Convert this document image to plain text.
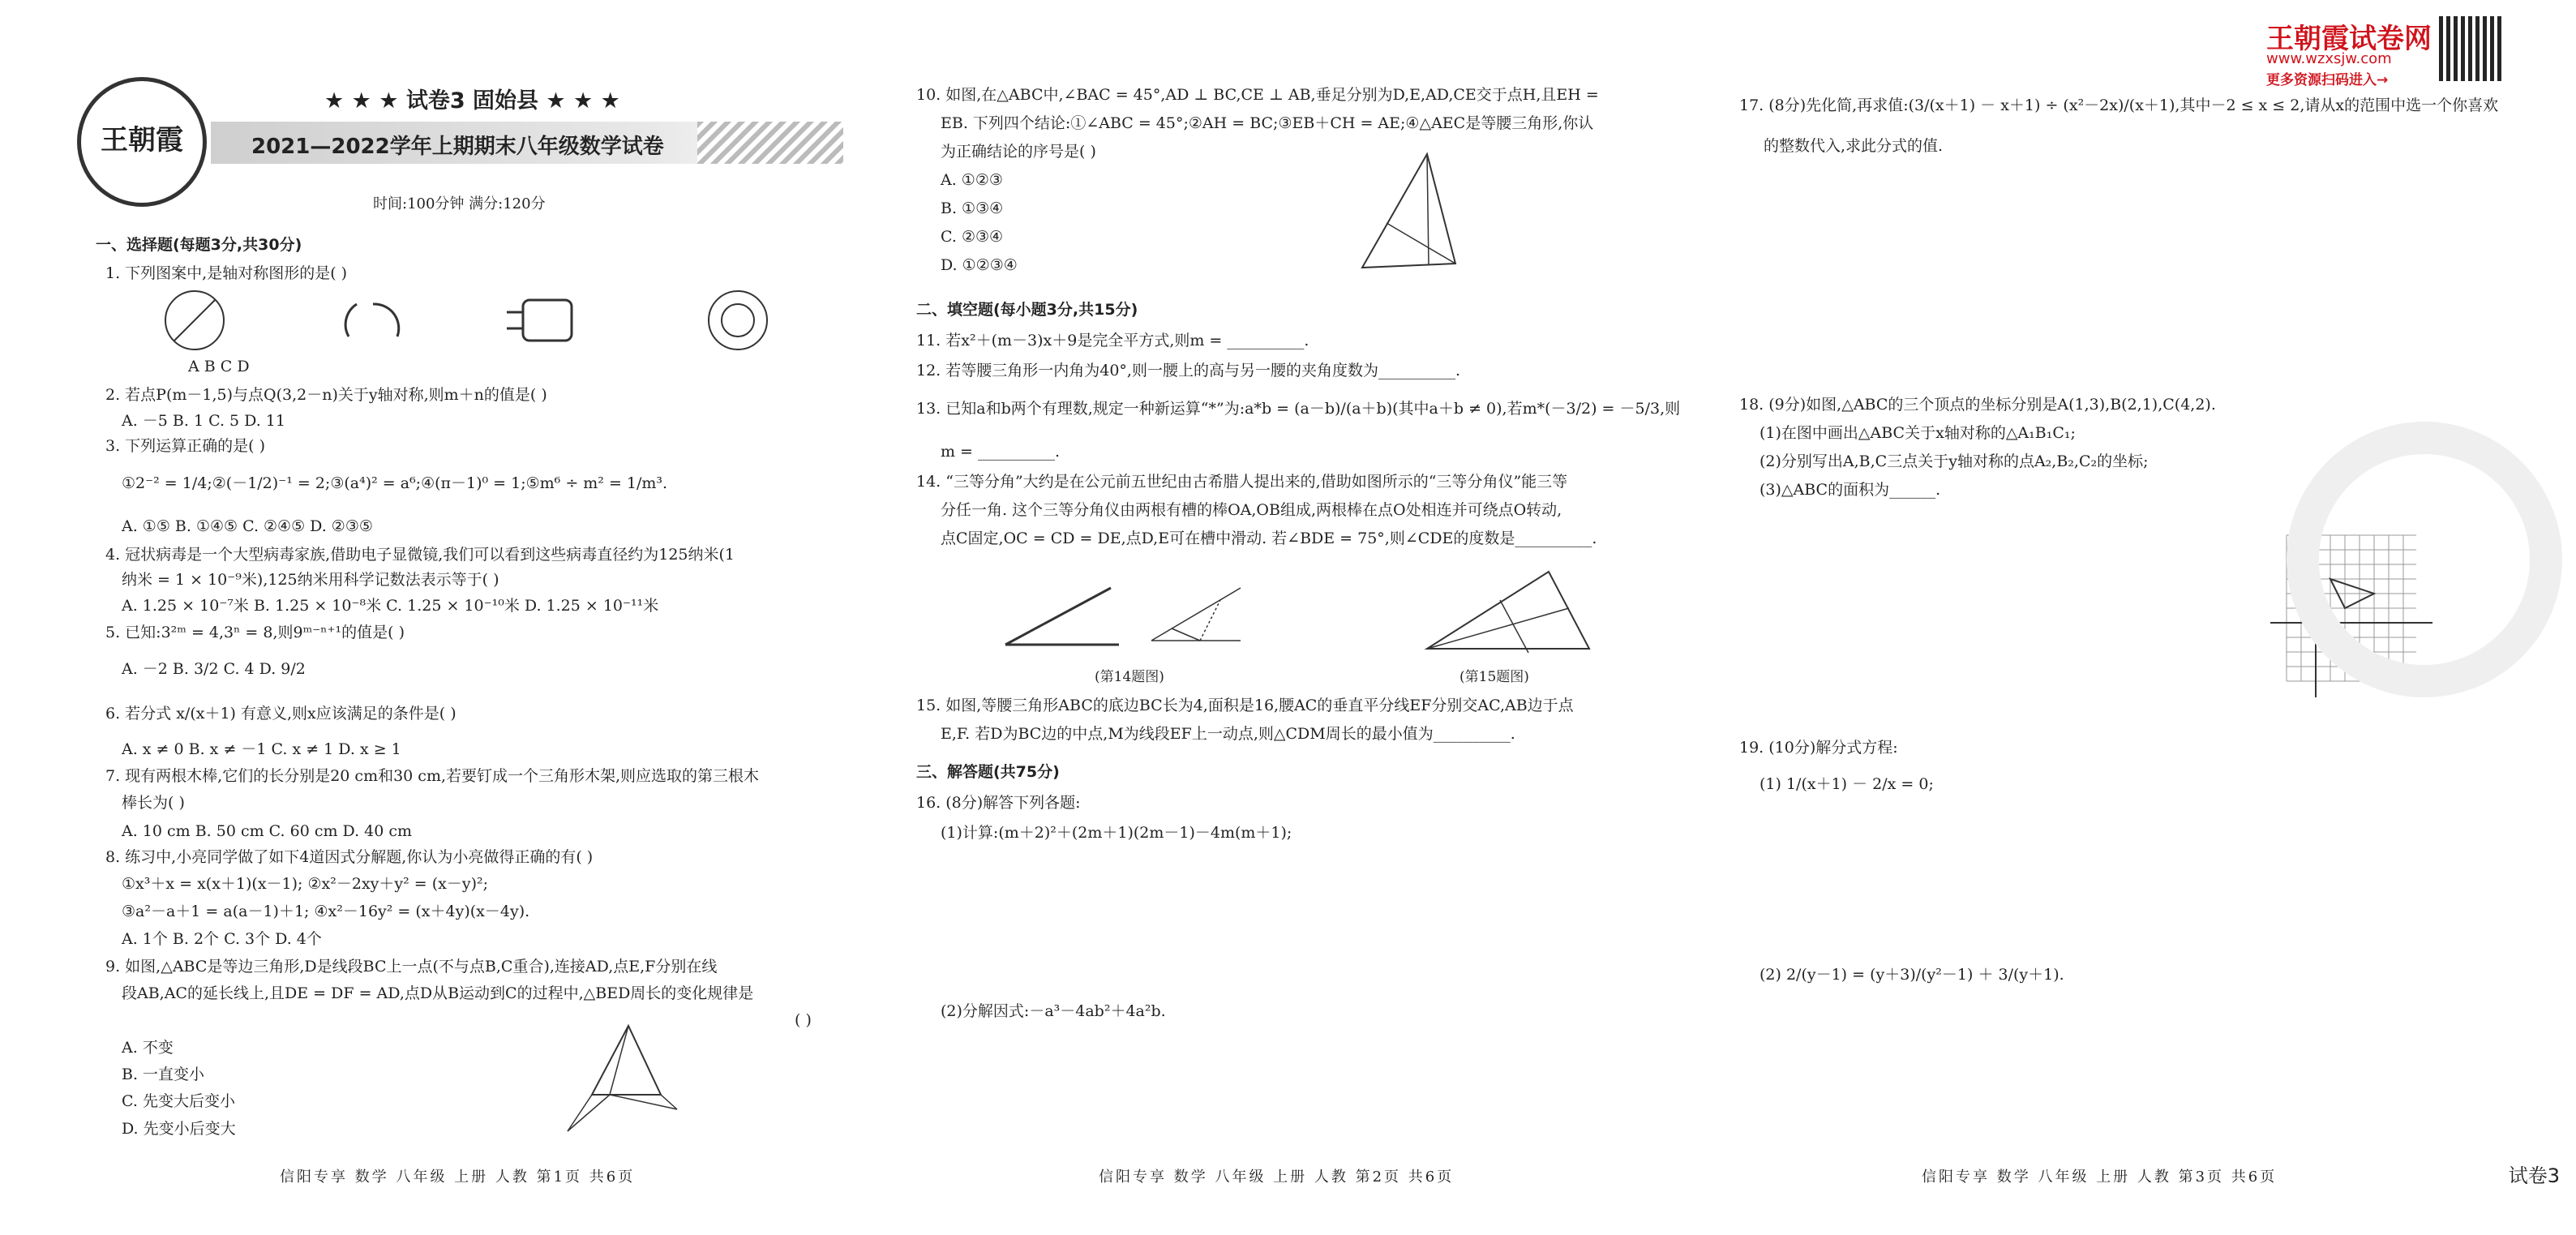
王朝霞
★ ★ ★ 试卷3 固始县 ★ ★ ★
2021—2022学年上期期末八年级数学试卷
时间:100分钟 满分:120分
一、选择题(每题3分,共30分)
1. 下列图案中,是轴对称图形的是( )
A B C D
2. 若点P(m－1,5)与点Q(3,2－n)关于y轴对称,则m＋n的值是( )
A. －5 B. 1 C. 5 D. 11
3. 下列运算正确的是( )
①2⁻² = 1/4;②(－1/2)⁻¹ = 2;③(a⁴)² = a⁶;④(π－1)⁰ = 1;⑤m⁶ ÷ m² = 1/m³.
A. ①⑤ B. ①④⑤ C. ②④⑤ D. ②③⑤
4. 冠状病毒是一个大型病毒家族,借助电子显微镜,我们可以看到这些病毒直径约为125纳米(1
纳米 = 1 × 10⁻⁹米),125纳米用科学记数法表示等于( )
A. 1.25 × 10⁻⁷米 B. 1.25 × 10⁻⁸米 C. 1.25 × 10⁻¹⁰米 D. 1.25 × 10⁻¹¹米
5. 已知:3²ᵐ = 4,3ⁿ = 8,则9ᵐ⁻ⁿ⁺¹的值是( )
A. －2 B. 3/2 C. 4 D. 9/2
6. 若分式 x/(x＋1) 有意义,则x应该满足的条件是( )
A. x ≠ 0 B. x ≠ －1 C. x ≠ 1 D. x ≥ 1
7. 现有两根木棒,它们的长分别是20 cm和30 cm,若要钉成一个三角形木架,则应选取的第三根木
棒长为( )
A. 10 cm B. 50 cm C. 60 cm D. 40 cm
8. 练习中,小亮同学做了如下4道因式分解题,你认为小亮做得正确的有( )
①x³＋x = x(x＋1)(x－1); ②x²－2xy＋y² = (x－y)²;
③a²－a＋1 = a(a－1)＋1; ④x²－16y² = (x＋4y)(x－4y).
A. 1个 B. 2个 C. 3个 D. 4个
9. 如图,△ABC是等边三角形,D是线段BC上一点(不与点B,C重合),连接AD,点E,F分别在线
段AB,AC的延长线上,且DE = DF = AD,点D从B运动到C的过程中,△BED周长的变化规律是
( )
A. 不变
B. 一直变小
C. 先变大后变小
D. 先变小后变大
信阳专享 数学 八年级 上册 人教 第1页 共6页
10. 如图,在△ABC中,∠BAC = 45°,AD ⊥ BC,CE ⊥ AB,垂足分别为D,E,AD,CE交于点H,且EH =
EB. 下列四个结论:①∠ABC = 45°;②AH = BC;③EB＋CH = AE;④△AEC是等腰三角形,你认
为正确结论的序号是( )
A. ①②③
B. ①③④
C. ②③④
D. ①②③④
二、填空题(每小题3分,共15分)
11. 若x²＋(m－3)x＋9是完全平方式,则m = __________.
12. 若等腰三角形一内角为40°,则一腰上的高与另一腰的夹角度数为__________.
13. 已知a和b两个有理数,规定一种新运算“*”为:a*b = (a－b)/(a＋b)(其中a＋b ≠ 0),若m*(－3/2) = －5/3,则
m = __________.
14. “三等分角”大约是在公元前五世纪由古希腊人提出来的,借助如图所示的“三等分角仪”能三等
分任一角. 这个三等分角仪由两根有槽的棒OA,OB组成,两根棒在点O处相连并可绕点O转动,
点C固定,OC = CD = DE,点D,E可在槽中滑动. 若∠BDE = 75°,则∠CDE的度数是__________.
(第14题图)	(第15题图)
15. 如图,等腰三角形ABC的底边BC长为4,面积是16,腰AC的垂直平分线EF分别交AC,AB边于点
E,F. 若D为BC边的中点,M为线段EF上一动点,则△CDM周长的最小值为__________.
三、解答题(共75分)
16. (8分)解答下列各题:
(1)计算:(m＋2)²＋(2m＋1)(2m－1)－4m(m＋1);
(2)分解因式:－a³－4ab²＋4a²b.
信阳专享 数学 八年级 上册 人教 第2页 共6页
17. (8分)先化简,再求值:(3/(x＋1) － x＋1) ÷ (x²－2x)/(x＋1),其中－2 ≤ x ≤ 2,请从x的范围中选一个你喜欢
的整数代入,求此分式的值.
18. (9分)如图,△ABC的三个顶点的坐标分别是A(1,3),B(2,1),C(4,2).
(1)在图中画出△ABC关于x轴对称的△A₁B₁C₁;
(2)分别写出A,B,C三点关于y轴对称的点A₂,B₂,C₂的坐标;
(3)△ABC的面积为______.
19. (10分)解分式方程:
(1) 1/(x＋1) － 2/x = 0;
(2) 2/(y－1) = (y＋3)/(y²－1) ＋ 3/(y＋1).
信阳专享 数学 八年级 上册 人教 第3页 共6页
王朝霞试卷网
www.wzxsjw.com
更多资源扫码进入→
试卷3
